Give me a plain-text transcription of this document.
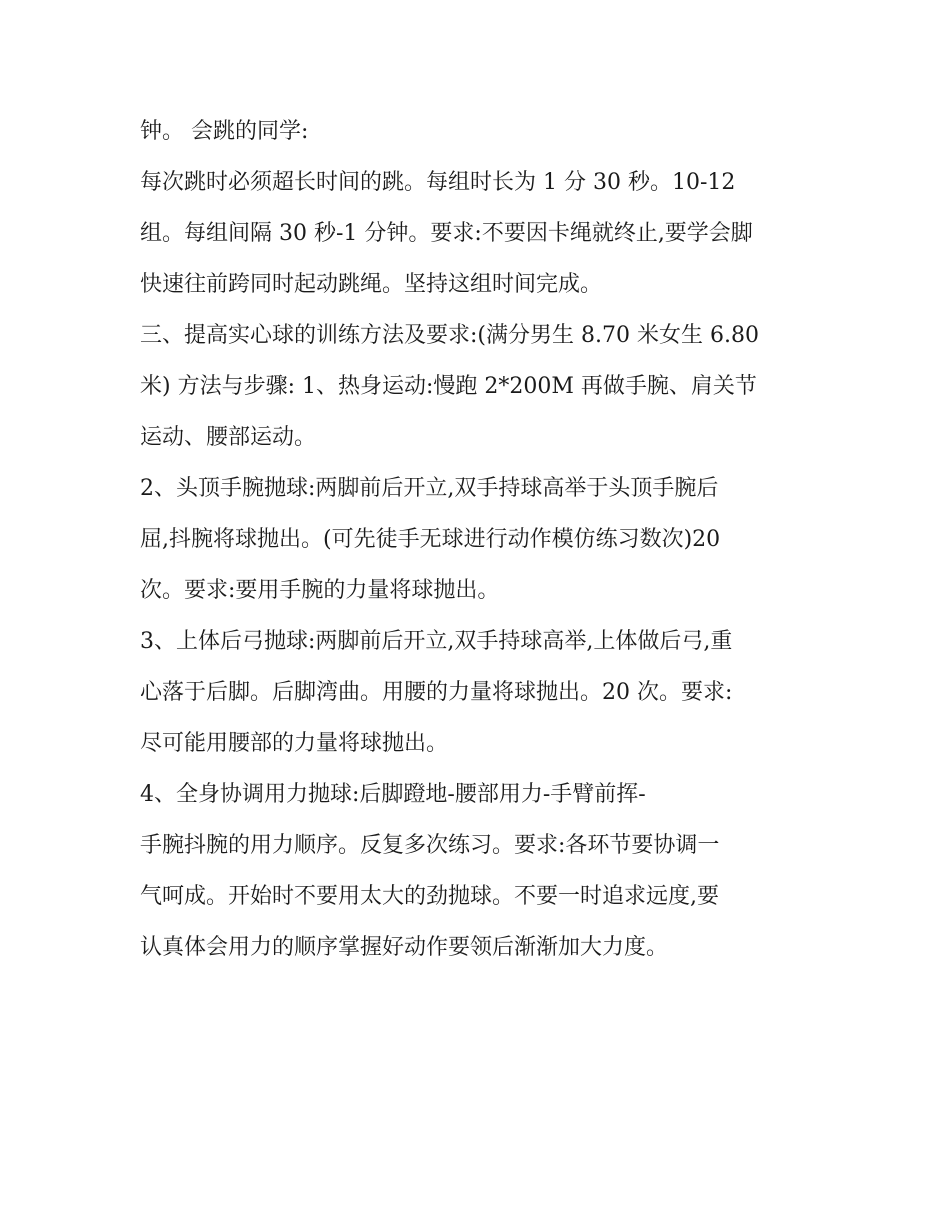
钟。 会跳的同学:
每次跳时必须超长时间的跳。每组时长为 1 分 30 秒。10-12
组。每组间隔 30 秒-1 分钟。要求:不要因卡绳就终止,要学会脚
快速往前跨同时起动跳绳。坚持这组时间完成。
三、提高实心球的训练方法及要求:(满分男生 8.70 米女生 6.80
米) 方法与步骤: 1、热身运动:慢跑 2*200M 再做手腕、肩关节
运动、腰部运动。
2、头顶手腕抛球:两脚前后开立,双手持球高举于头顶手腕后
屈,抖腕将球抛出。(可先徒手无球进行动作模仿练习数次)20
次。要求:要用手腕的力量将球抛出。
3、上体后弓抛球:两脚前后开立,双手持球高举,上体做后弓,重
心落于后脚。后脚湾曲。用腰的力量将球抛出。20 次。要求:
尽可能用腰部的力量将球抛出。
4、全身协调用力抛球:后脚蹬地-腰部用力-手臂前挥-
手腕抖腕的用力顺序。反复多次练习。要求:各环节要协调一
气呵成。开始时不要用太大的劲抛球。不要一时追求远度,要
认真体会用力的顺序掌握好动作要领后渐渐加大力度。
